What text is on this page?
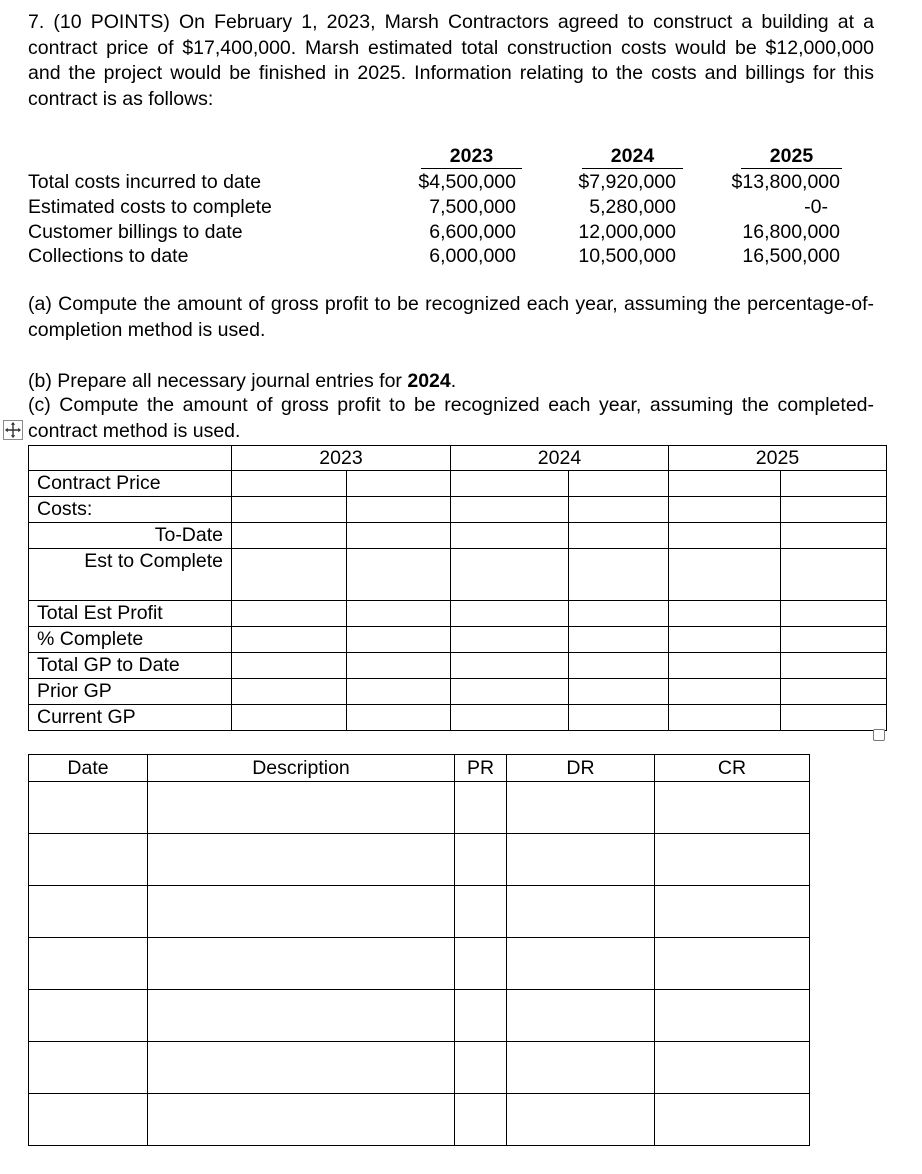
7. (10 POINTS) On February 1, 2023, Marsh Contractors agreed to construct a building at a contract price of $17,400,000. Marsh estimated total construction costs would be $12,000,000 and the project would be finished in 2025. Information relating to the costs and billings for this contract is as follows:

2023	2024	2025
Total costs incurred to date	$4,500,000	$7,920,000	$13,800,000
Estimated costs to complete	7,500,000	5,280,000	-0-
Customer billings to date	6,600,000	12,000,000	16,800,000
Collections to date	6,000,000	10,500,000	16,500,000

(a) Compute the amount of gross profit to be recognized each year, assuming the percentage-of-completion method is used.

(b) Prepare all necessary journal entries for 2024.

(c) Compute the amount of gross profit to be recognized each year, assuming the completed-contract method is used.

	2023		2024		2025	
Contract Price						
Costs:						
To-Date						
Est to Complete						
Total Est Profit						
% Complete						
Total GP to Date						
Prior GP						
Current GP						
Date	Description	PR	DR	CR
